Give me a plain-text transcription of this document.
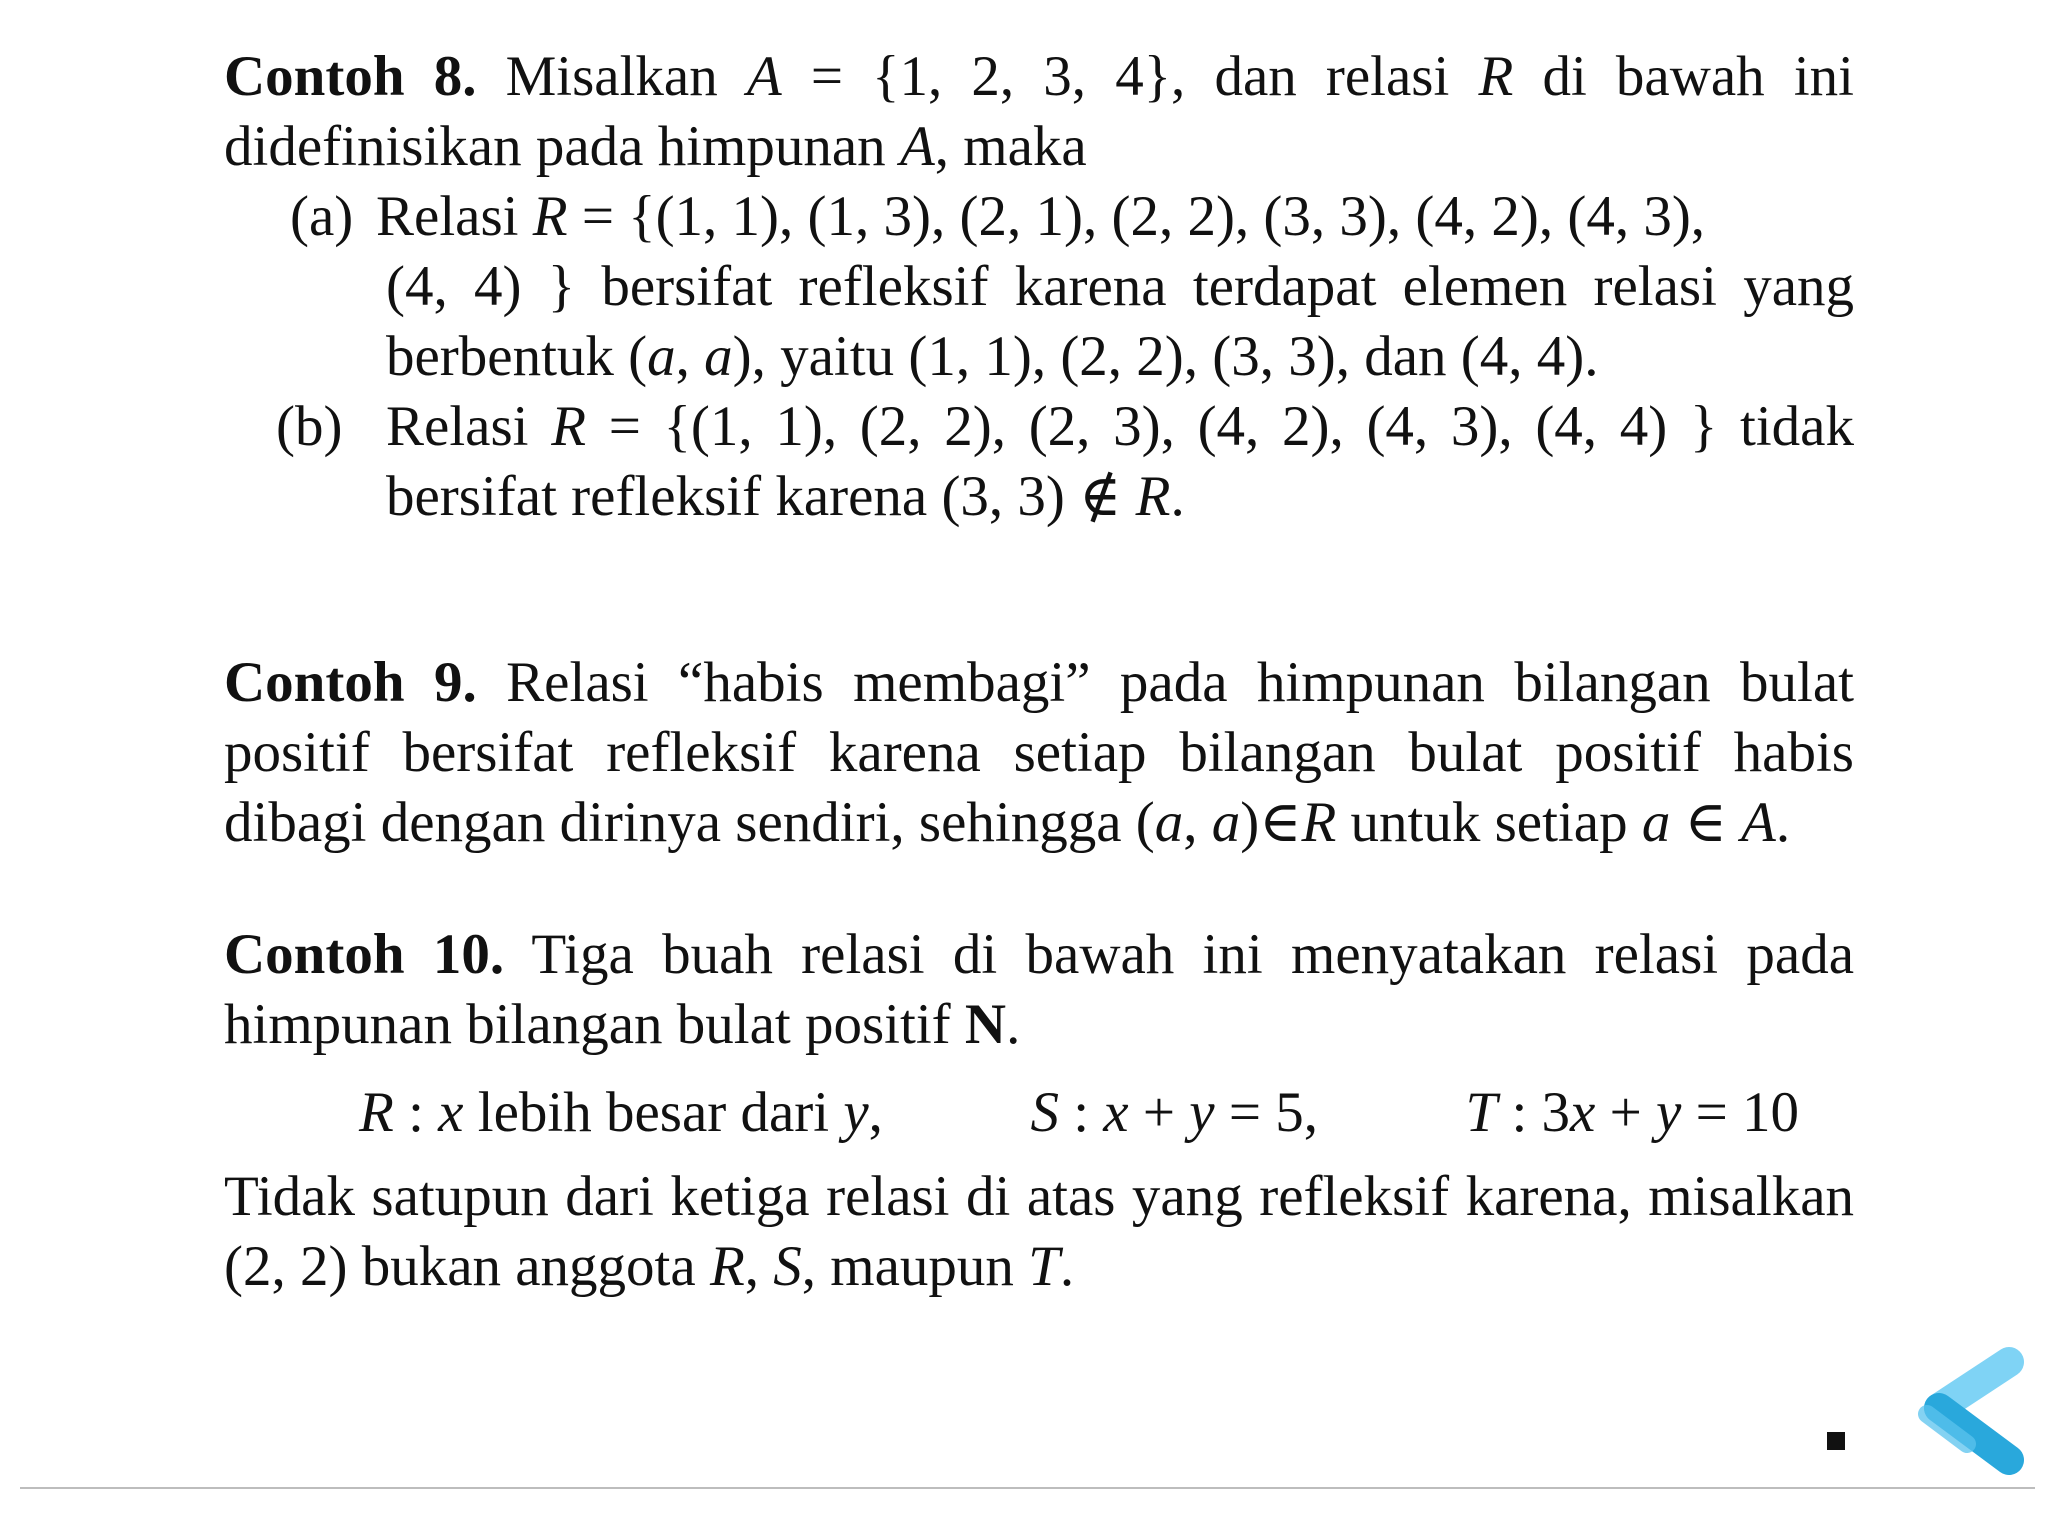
Contoh 8. Misalkan A = {1, 2, 3, 4}, dan relasi R di bawah ini didefinisikan pada himpunan A, maka

(a) Relasi R = {(1, 1), (1, 3), (2, 1), (2, 2), (3, 3), (4, 2), (4, 3),
(4, 4) } bersifat refleksif karena terdapat elemen relasi yang berbentuk (a, a), yaitu (1, 1), (2, 2), (3, 3), dan (4, 4).
(b) Relasi R = {(1, 1), (2, 2), (2, 3), (4, 2), (4, 3), (4, 4) } tidak bersifat refleksif karena (3, 3) ∉ R.

Contoh 9. Relasi “habis membagi” pada himpunan bilangan bulat positif bersifat refleksif karena setiap bilangan bulat positif habis dibagi dengan dirinya sendiri, sehingga (a, a)∈R untuk setiap a ∈ A.

Contoh 10. Tiga buah relasi di bawah ini menyatakan relasi pada himpunan bilangan bulat positif N.

R : x lebih besar dari y,	S : x + y = 5,	T : 3x + y = 10

Tidak satupun dari ketiga relasi di atas yang refleksif karena, misalkan (2, 2) bukan anggota R, S, maupun T.
